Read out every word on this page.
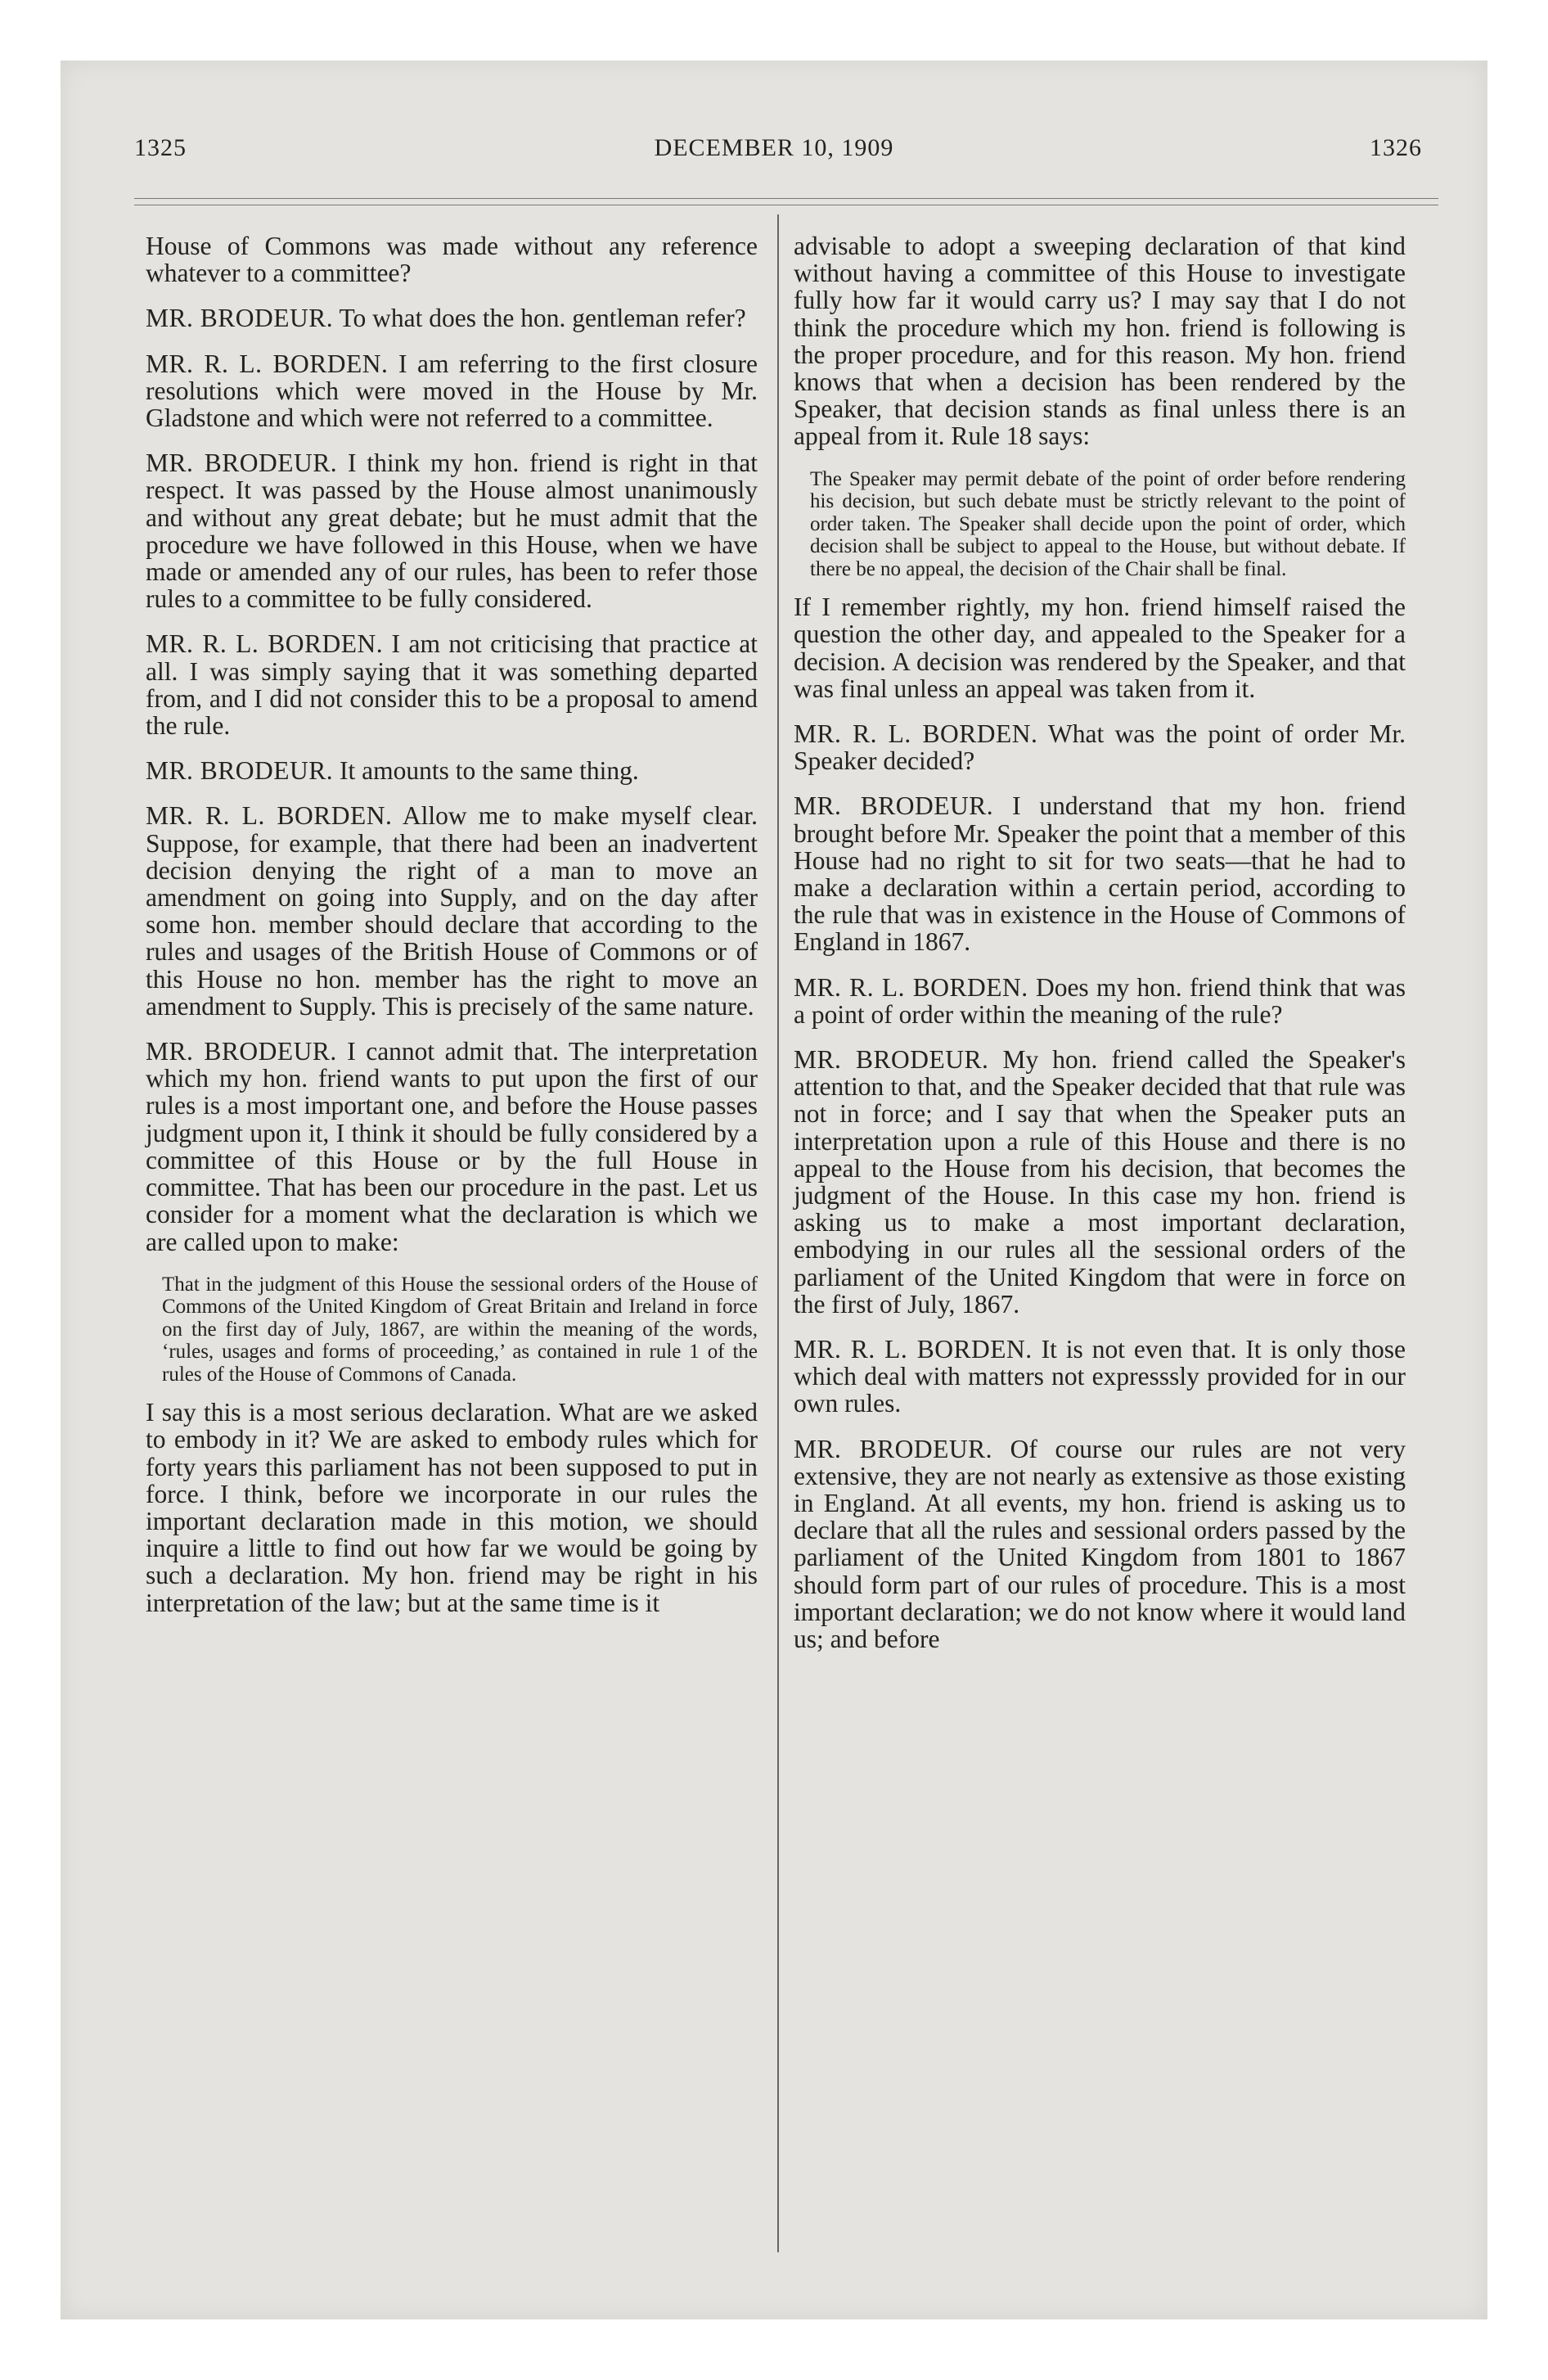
1325	DECEMBER 10, 1909	1326
House of Commons was made without any reference whatever to a committee?
MR. BRODEUR. To what does the hon. gentleman refer?
MR. R. L. BORDEN. I am referring to the first closure resolutions which were moved in the House by Mr. Gladstone and which were not referred to a committee.
MR. BRODEUR. I think my hon. friend is right in that respect. It was passed by the House almost unanimously and without any great debate; but he must admit that the procedure we have followed in this House, when we have made or amended any of our rules, has been to refer those rules to a committee to be fully considered.
MR. R. L. BORDEN. I am not criticising that practice at all. I was simply saying that it was something departed from, and I did not consider this to be a proposal to amend the rule.
MR. BRODEUR. It amounts to the same thing.
MR. R. L. BORDEN. Allow me to make myself clear. Suppose, for example, that there had been an inadvertent decision denying the right of a man to move an amendment on going into Supply, and on the day after some hon. member should declare that according to the rules and usages of the British House of Commons or of this House no hon. member has the right to move an amendment to Supply. This is precisely of the same nature.
MR. BRODEUR. I cannot admit that. The interpretation which my hon. friend wants to put upon the first of our rules is a most important one, and before the House passes judgment upon it, I think it should be fully considered by a committee of this House or by the full House in committee. That has been our procedure in the past. Let us consider for a moment what the declaration is which we are called upon to make:
That in the judgment of this House the sessional orders of the House of Commons of the United Kingdom of Great Britain and Ireland in force on the first day of July, 1867, are within the meaning of the words, ‘rules, usages and forms of proceeding,’ as contained in rule 1 of the rules of the House of Commons of Canada.
I say this is a most serious declaration. What are we asked to embody in it? We are asked to embody rules which for forty years this parliament has not been supposed to put in force. I think, before we incorporate in our rules the important declaration made in this motion, we should inquire a little to find out how far we would be going by such a declaration. My hon. friend may be right in his interpretation of the law; but at the same time is it
advisable to adopt a sweeping declaration of that kind without having a committee of this House to investigate fully how far it would carry us? I may say that I do not think the procedure which my hon. friend is following is the proper procedure, and for this reason. My hon. friend knows that when a decision has been rendered by the Speaker, that decision stands as final unless there is an appeal from it. Rule 18 says:
The Speaker may permit debate of the point of order before rendering his decision, but such debate must be strictly relevant to the point of order taken. The Speaker shall decide upon the point of order, which decision shall be subject to appeal to the House, but without debate. If there be no appeal, the decision of the Chair shall be final.
If I remember rightly, my hon. friend himself raised the question the other day, and appealed to the Speaker for a decision. A decision was rendered by the Speaker, and that was final unless an appeal was taken from it.
MR. R. L. BORDEN. What was the point of order Mr. Speaker decided?
MR. BRODEUR. I understand that my hon. friend brought before Mr. Speaker the point that a member of this House had no right to sit for two seats—that he had to make a declaration within a certain period, according to the rule that was in existence in the House of Commons of England in 1867.
MR. R. L. BORDEN. Does my hon. friend think that was a point of order within the meaning of the rule?
MR. BRODEUR. My hon. friend called the Speaker's attention to that, and the Speaker decided that that rule was not in force; and I say that when the Speaker puts an interpretation upon a rule of this House and there is no appeal to the House from his decision, that becomes the judgment of the House. In this case my hon. friend is asking us to make a most important declaration, embodying in our rules all the sessional orders of the parliament of the United Kingdom that were in force on the first of July, 1867.
MR. R. L. BORDEN. It is not even that. It is only those which deal with matters not expresssly provided for in our own rules.
MR. BRODEUR. Of course our rules are not very extensive, they are not nearly as extensive as those existing in England. At all events, my hon. friend is asking us to declare that all the rules and sessional orders passed by the parliament of the United Kingdom from 1801 to 1867 should form part of our rules of procedure. This is a most important declaration; we do not know where it would land us; and before
